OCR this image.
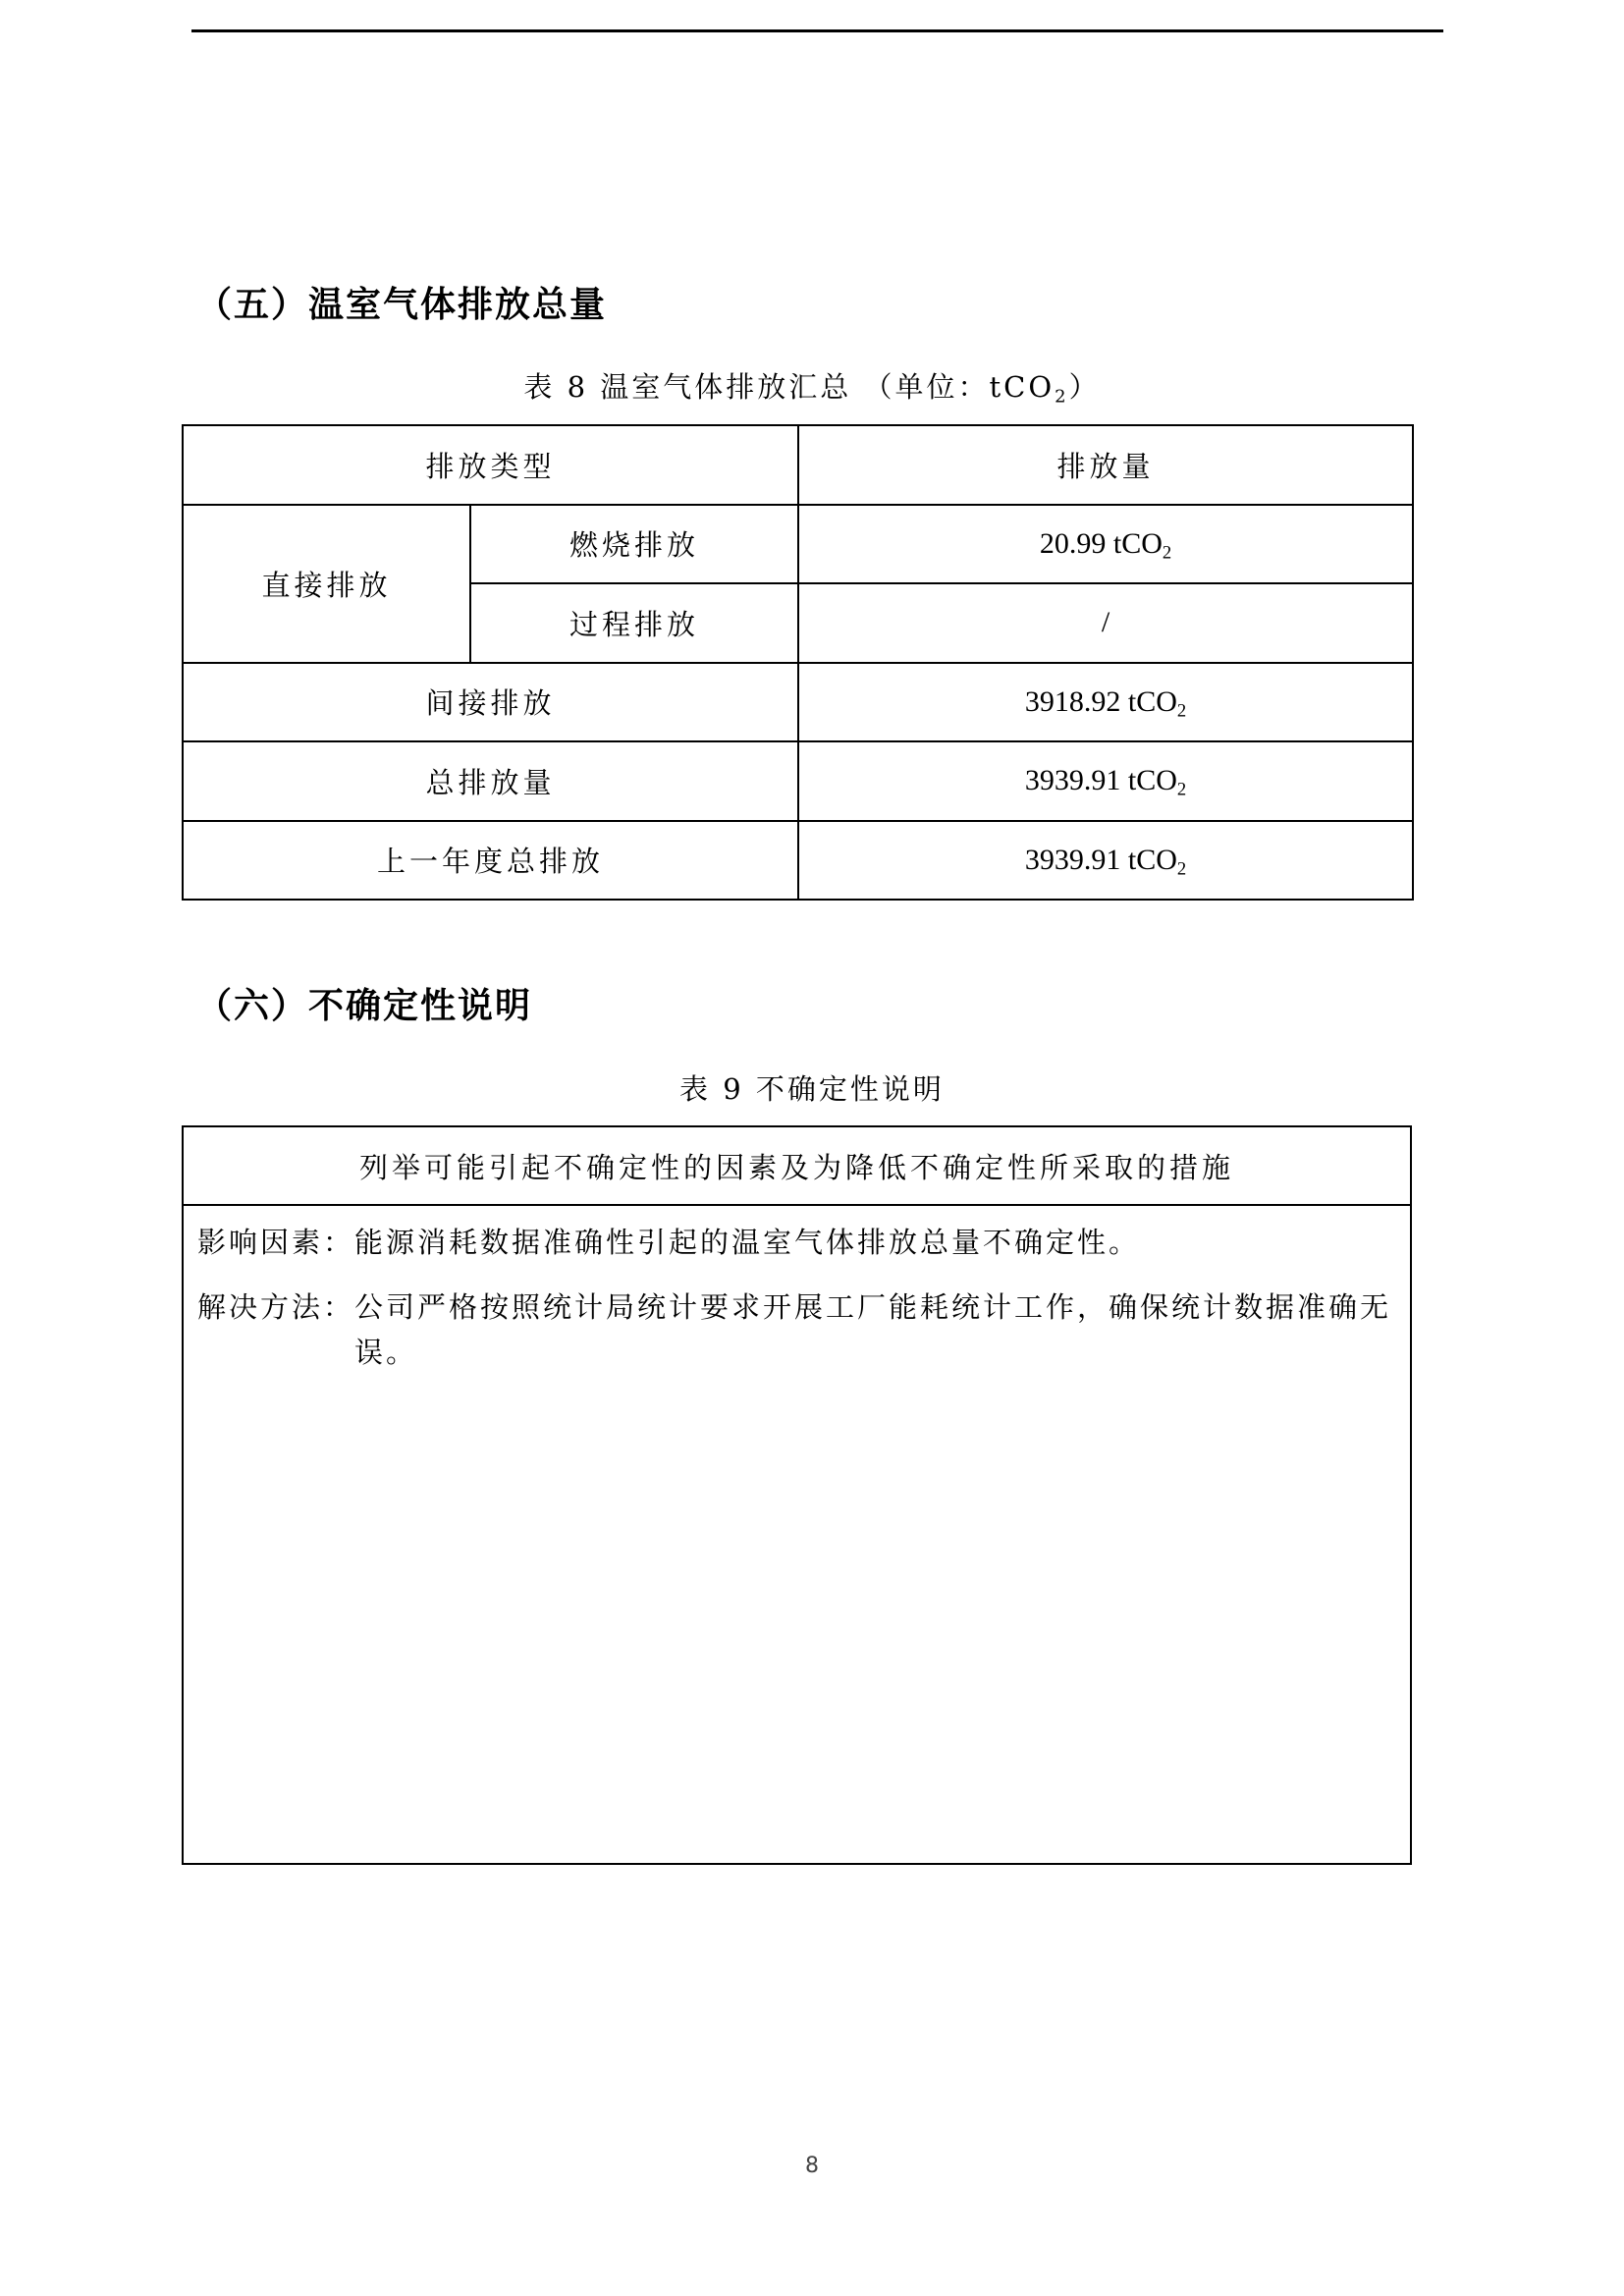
（五）温室气体排放总量
表 8 温室气体排放汇总 （单位：tCO$_2$）
排放类型		排放量
直接排放	燃烧排放	20.99 tCO$_2$
	过程排放	/
间接排放		3918.92 tCO$_2$
总排放量		3939.91 tCO$_2$
上一年度总排放		3939.91 tCO$_2$
（六）不确定性说明
表 9 不确定性说明
列举可能引起不确定性的因素及为降低不确定性所采取的措施

影响因素： 能源消耗数据准确性引起的温室气体排放总量不确定性。
解决方法： 公司严格按照统计局统计要求开展工厂能耗统计工作，确保统计数据准确无误。
8
